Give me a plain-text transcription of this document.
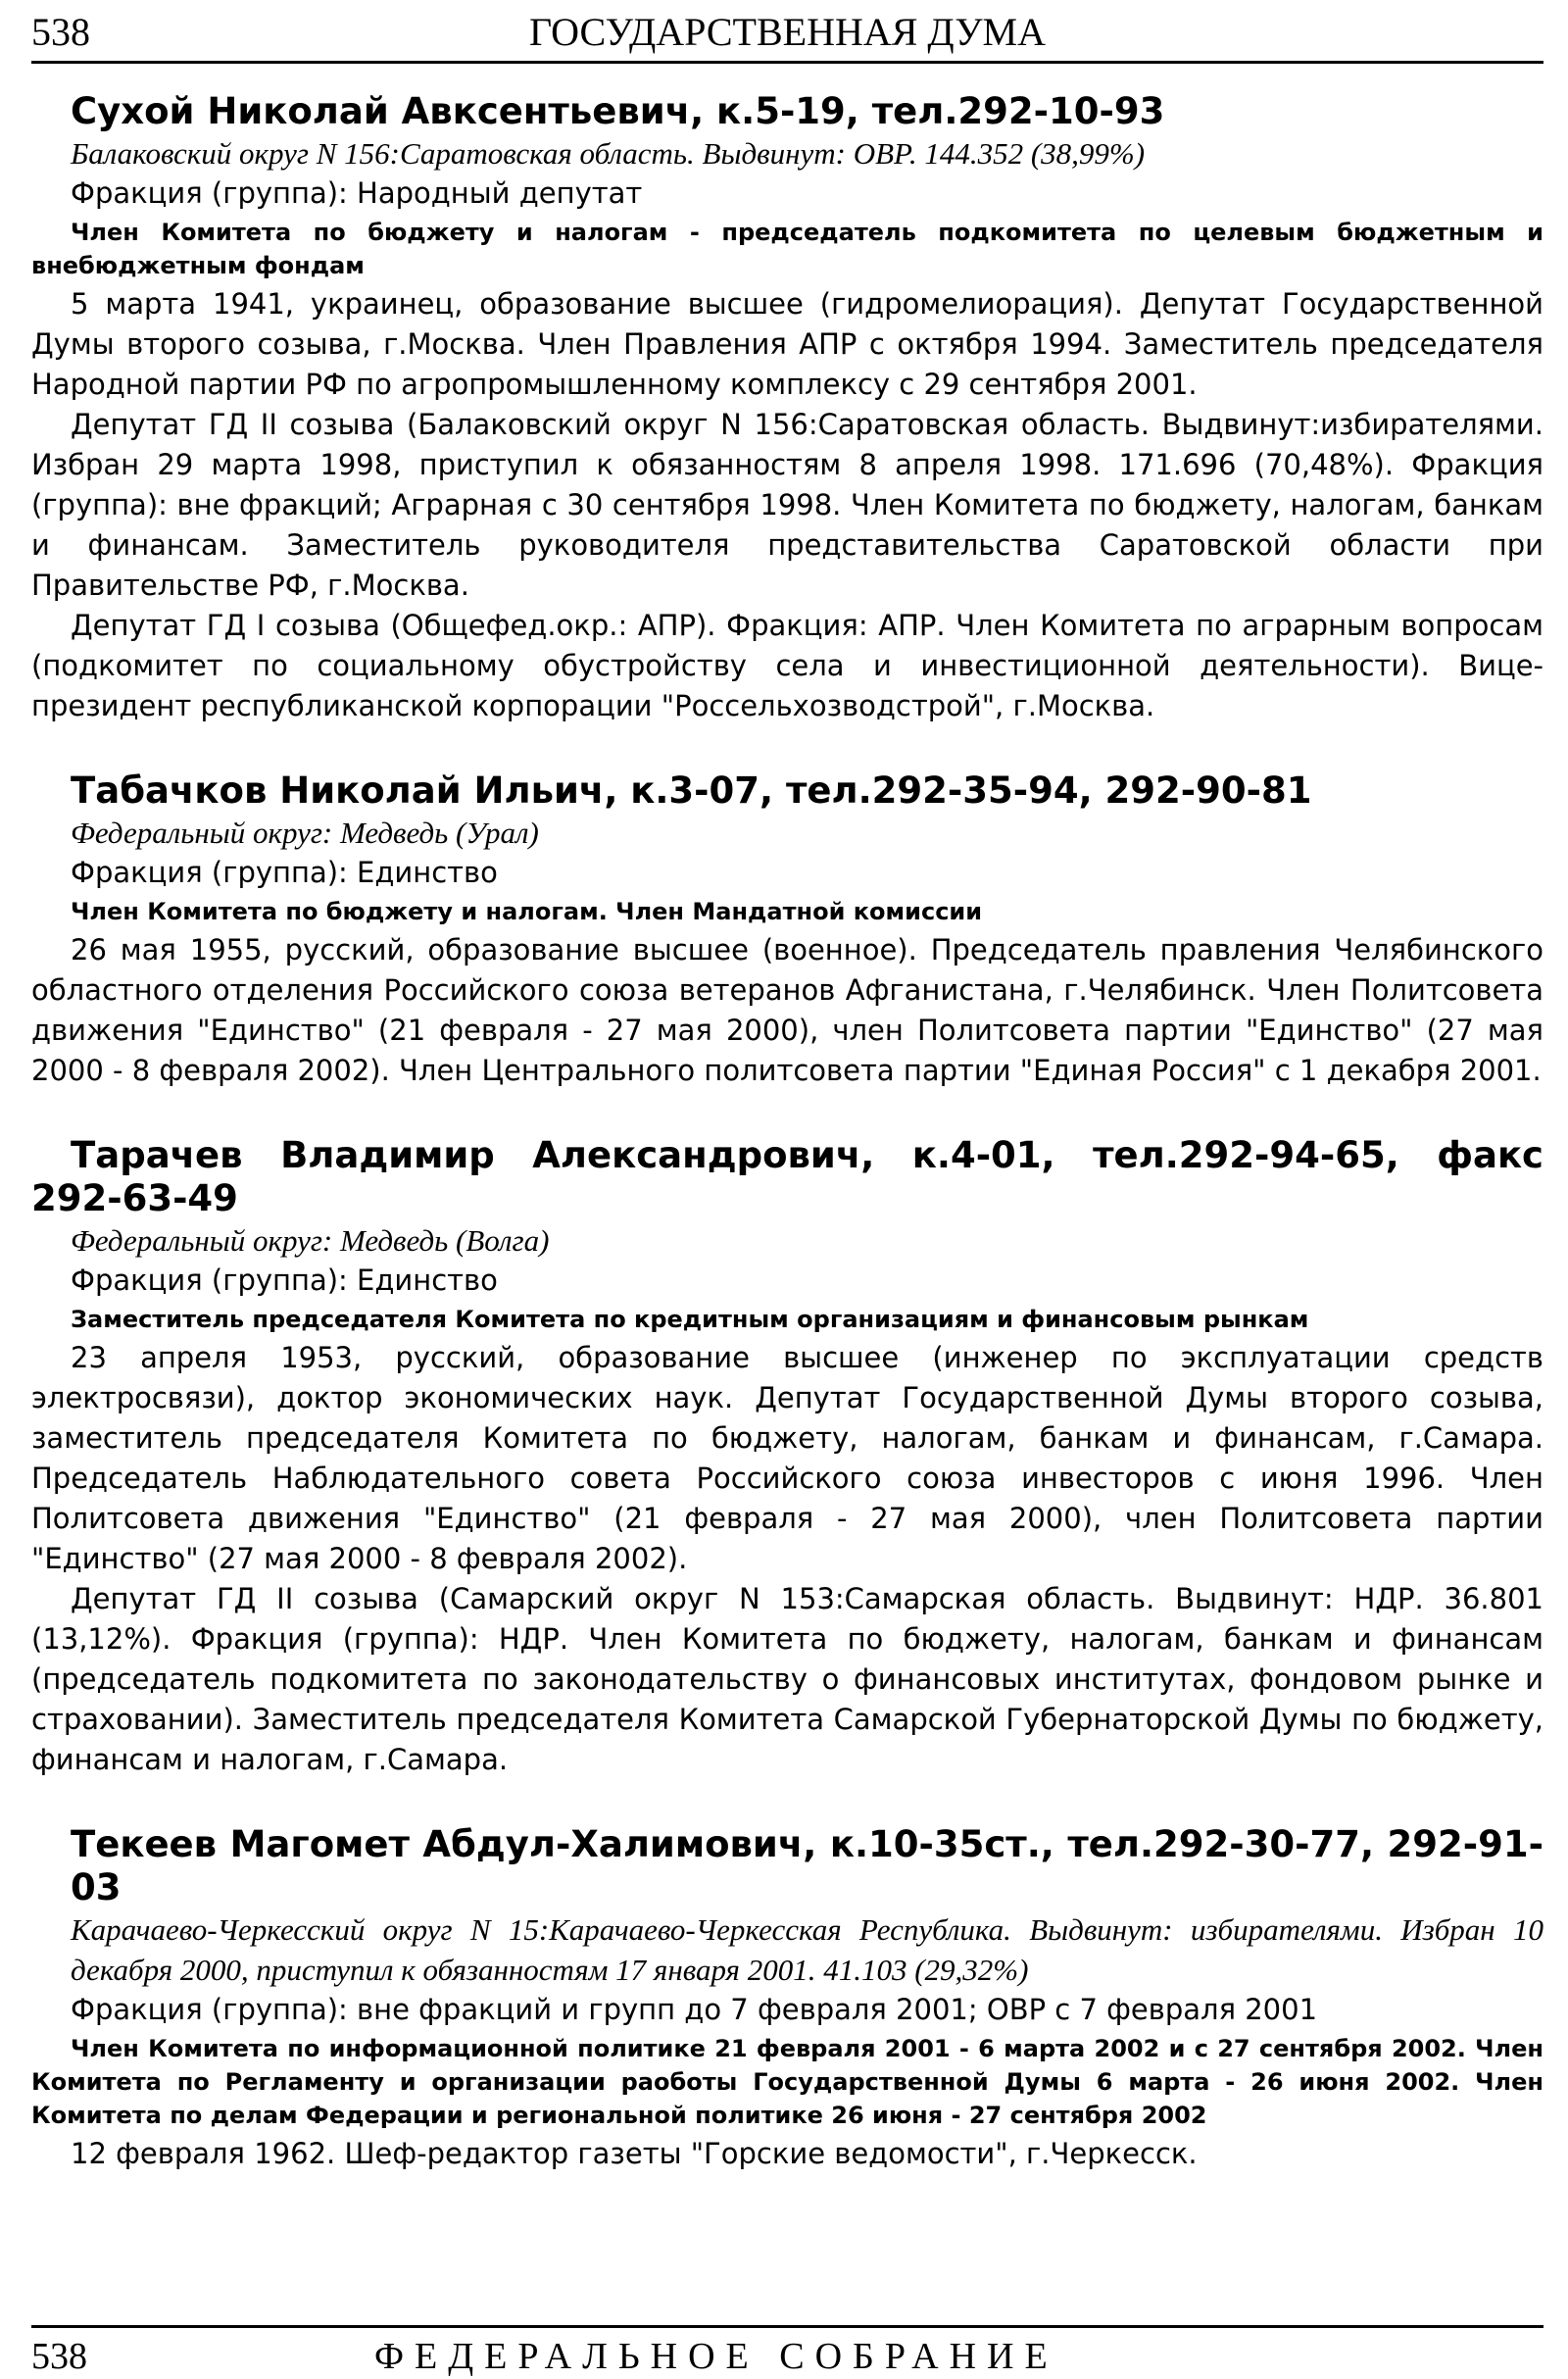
538	ГОСУДАРСТВЕННАЯ ДУМА
Сухой Николай Авксентьевич, к.5-19, тел.292-10-93
Балаковский округ N 156:Саратовская область. Выдвинут: ОВР. 144.352 (38,99%)
Фракция (группа): Народный депутат

Член Комитета по бюджету и налогам - председатель подкомитета по целевым бюджетным и внебюджетным фондам

5 марта 1941, украинец, образование высшее (гидромелиорация). Депутат Государственной Думы второго созыва, г.Москва. Член Правления АПР с октября 1994. Заместитель председателя Народной партии РФ по агропромышленному комплексу с 29 сентября 2001.

Депутат ГД II созыва (Балаковский округ N 156:Саратовская область. Выдвинут:избирателями. Избран 29 марта 1998, приступил к обязанностям 8 апреля 1998. 171.696 (70,48%). Фракция (группа): вне фракций; Аграрная с 30 сентября 1998. Член Комитета по бюджету, налогам, банкам и финансам. Заместитель руководителя представительства Саратовской области при Правительстве РФ, г.Москва.

Депутат ГД I созыва (Общефед.окр.: АПР). Фракция: АПР. Член Комитета по аграрным вопросам (подкомитет по социальному обустройству села и инвестиционной деятельности). Вице-президент республиканской корпорации "Россельхозводстрой", г.Москва.

Табачков Николай Ильич, к.3-07, тел.292-35-94, 292-90-81
Федеральный округ: Медведь (Урал)
Фракция (группа): Единство

Член Комитета по бюджету и налогам. Член Мандатной комиссии

26 мая 1955, русский, образование высшее (военное). Председатель правления Челябинского областного отделения Российского союза ветеранов Афганистана, г.Челябинск. Член Политсовета движения "Единство" (21 февраля - 27 мая 2000), член Политсовета партии "Единство" (27 мая 2000 - 8 февраля 2002). Член Центрального политсовета партии "Единая Россия" с 1 декабря 2001.

Тарачев Владимир Александрович, к.4-01, тел.292-94-65, факс
292-63-49
Федеральный округ: Медведь (Волга)
Фракция (группа): Единство

Заместитель председателя Комитета по кредитным организациям и финансовым рынкам

23 апреля 1953, русский, образование высшее (инженер по эксплуатации средств электросвязи), доктор экономических наук. Депутат Государственной Думы второго созыва, заместитель председателя Комитета по бюджету, налогам, банкам и финансам, г.Самара. Председатель Наблюдательного совета Российского союза инвесторов с июня 1996. Член Политсовета движения "Единство" (21 февраля - 27 мая 2000), член Политсовета партии "Единство" (27 мая 2000 - 8 февраля 2002).

Депутат ГД II созыва (Самарский округ N 153:Самарская область. Выдвинут: НДР. 36.801 (13,12%). Фракция (группа): НДР. Член Комитета по бюджету, налогам, банкам и финансам (председатель подкомитета по законодательству о финансовых институтах, фондовом рынке и страховании). Заместитель председателя Комитета Самарской Губернаторской Думы по бюджету, финансам и налогам, г.Самара.

Текеев Магомет Абдул-Халимович, к.10-35ст., тел.292-30-77, 292-91-03
Карачаево-Черкесский округ N 15:Карачаево-Черкесская Республика. Выдвинут: избирателями. Избран 10 декабря 2000, приступил к обязанностям 17 января 2001. 41.103 (29,32%)
Фракция (группа): вне фракций и групп до 7 февраля 2001; ОВР с 7 февраля 2001

Член Комитета по информационной политике 21 февраля 2001 - 6 марта 2002 и с 27 сентября 2002. Член Комитета по Регламенту и организации раоботы Государственной Думы 6 марта - 26 июня 2002. Член Комитета по делам Федерации и региональной политике 26 июня - 27 сентября 2002

12 февраля 1962. Шеф-редактор газеты "Горские ведомости", г.Черкесск.

538	ФЕДЕРАЛЬНОЕ СОБРАНИЕ
